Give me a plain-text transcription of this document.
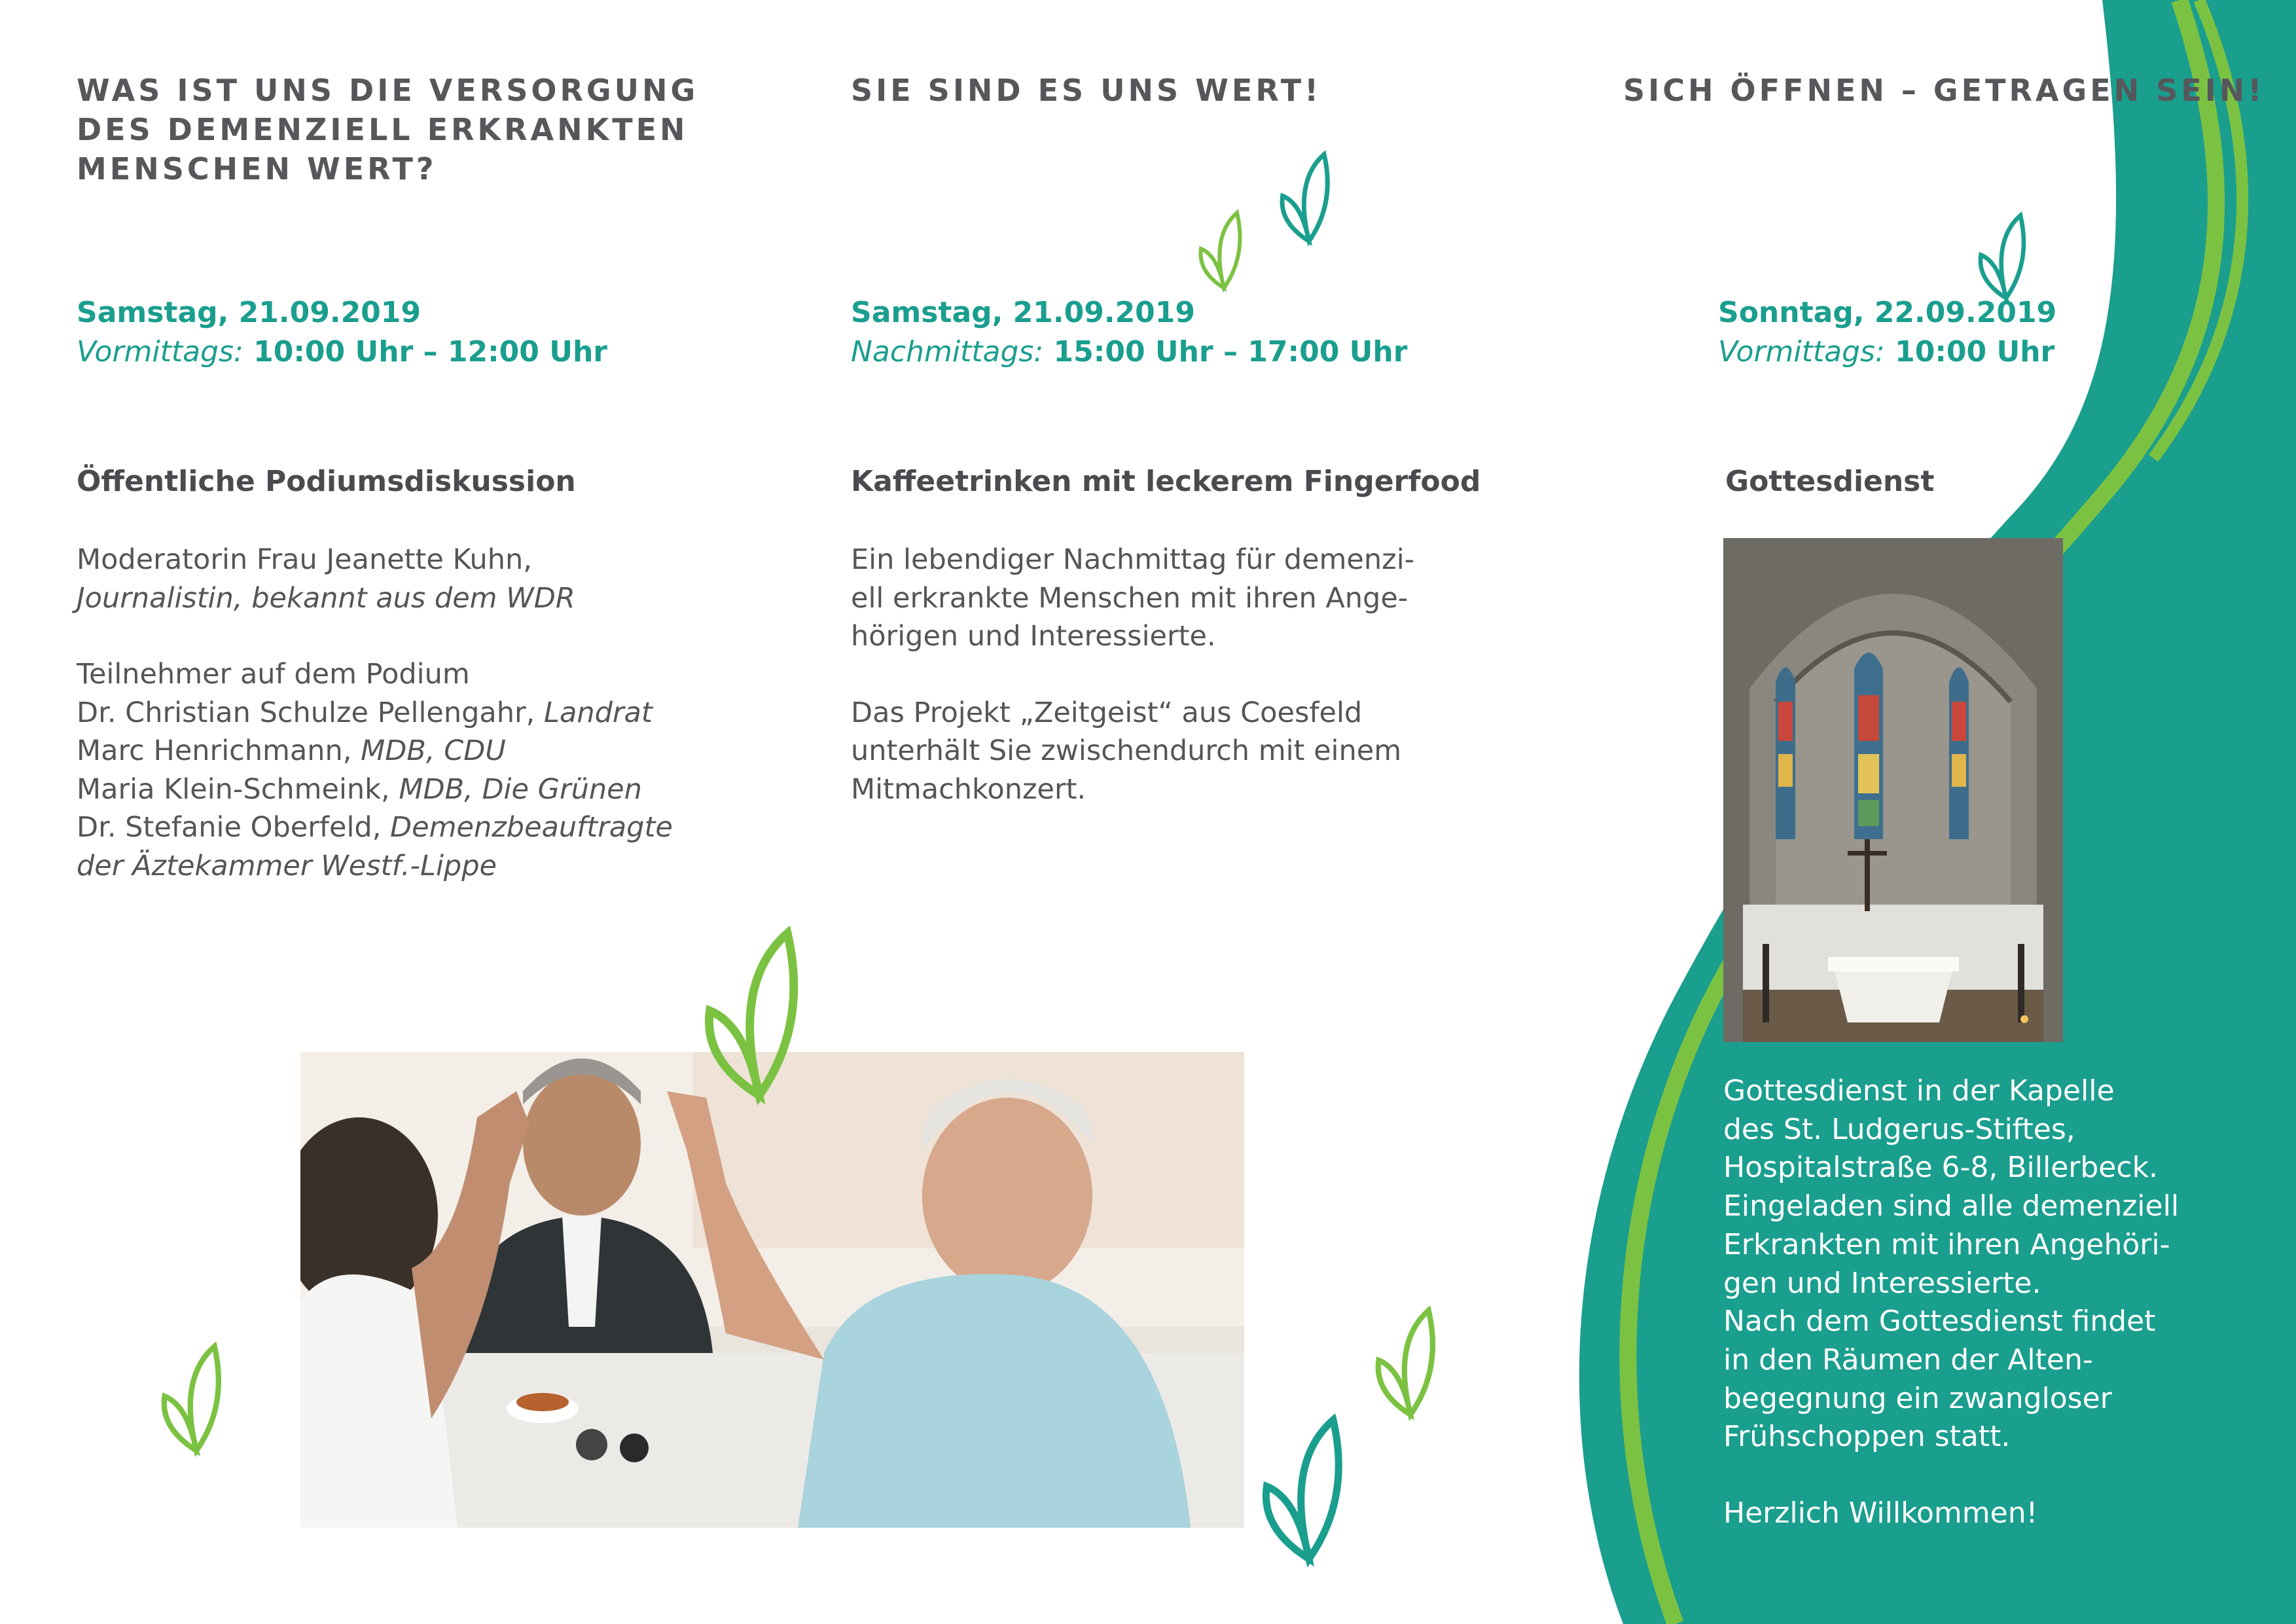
WAS IST UNS DIE VERSORGUNG
DES DEMENZIELL ERKRANKTEN
MENSCHEN WERT?
Samstag, 21.09.2019
Vormittags: 10:00 Uhr – 12:00 Uhr
Öffentliche Podiumsdiskussion
Moderatorin Frau Jeanette Kuhn,
Journalistin, bekannt aus dem WDR
Teilnehmer auf dem Podium
Dr. Christian Schulze Pellengahr, Landrat
Marc Henrichmann, MDB, CDU
Maria Klein-Schmeink, MDB, Die Grünen
Dr. Stefanie Oberfeld, Demenzbeauftragte
der Äztekammer Westf.-Lippe
SIE SIND ES UNS WERT!
Samstag, 21.09.2019
Nachmittags: 15:00 Uhr – 17:00 Uhr
Kaffeetrinken mit leckerem Fingerfood
Ein lebendiger Nachmittag für demenzi-
ell erkrankte Menschen mit ihren Ange-
hörigen und Interessierte.
Das Projekt „Zeitgeist“ aus Coesfeld
unterhält Sie zwischendurch mit einem
Mitmachkonzert.
SICH ÖFFNEN – GETRAGEN SEIN!
Sonntag, 22.09.2019
Vormittags: 10:00 Uhr
Gottesdienst
Gottesdienst in der Kapelle
des St. Ludgerus-Stiftes,
Hospitalstraße 6-8, Billerbeck.
Eingeladen sind alle demenziell
Erkrankten mit ihren Angehöri-
gen und Interessierte.
Nach dem Gottesdienst findet
in den Räumen der Alten-
begegnung ein zwangloser
Frühschoppen statt.
Herzlich Willkommen!
